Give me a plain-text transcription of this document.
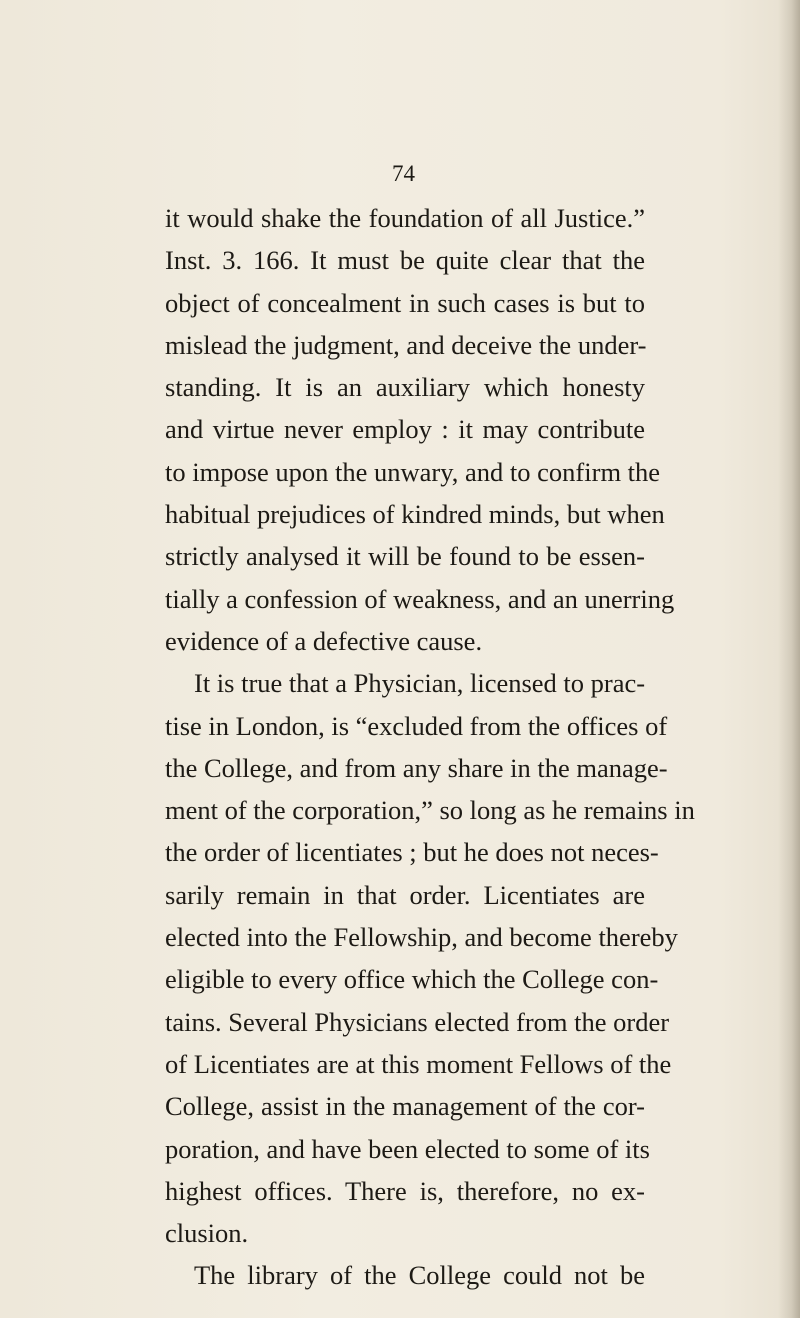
74
it would shake the foundation of all Justice.”
Inst. 3. 166. It must be quite clear that the
object of concealment in such cases is but to
mislead the judgment, and deceive the under-
standing. It is an auxiliary which honesty
and virtue never employ : it may contribute
to impose upon the unwary, and to confirm the
habitual prejudices of kindred minds, but when
strictly analysed it will be found to be essen-
tially a confession of weakness, and an unerring
evidence of a defective cause.
It is true that a Physician, licensed to prac-
tise in London, is “excluded from the offices of
the College, and from any share in the manage-
ment of the corporation,” so long as he remains in
the order of licentiates ; but he does not neces-
sarily remain in that order. Licentiates are
elected into the Fellowship, and become thereby
eligible to every office which the College con-
tains. Several Physicians elected from the order
of Licentiates are at this moment Fellows of the
College, assist in the management of the cor-
poration, and have been elected to some of its
highest offices. There is, therefore, no ex-
clusion.
The library of the College could not be
